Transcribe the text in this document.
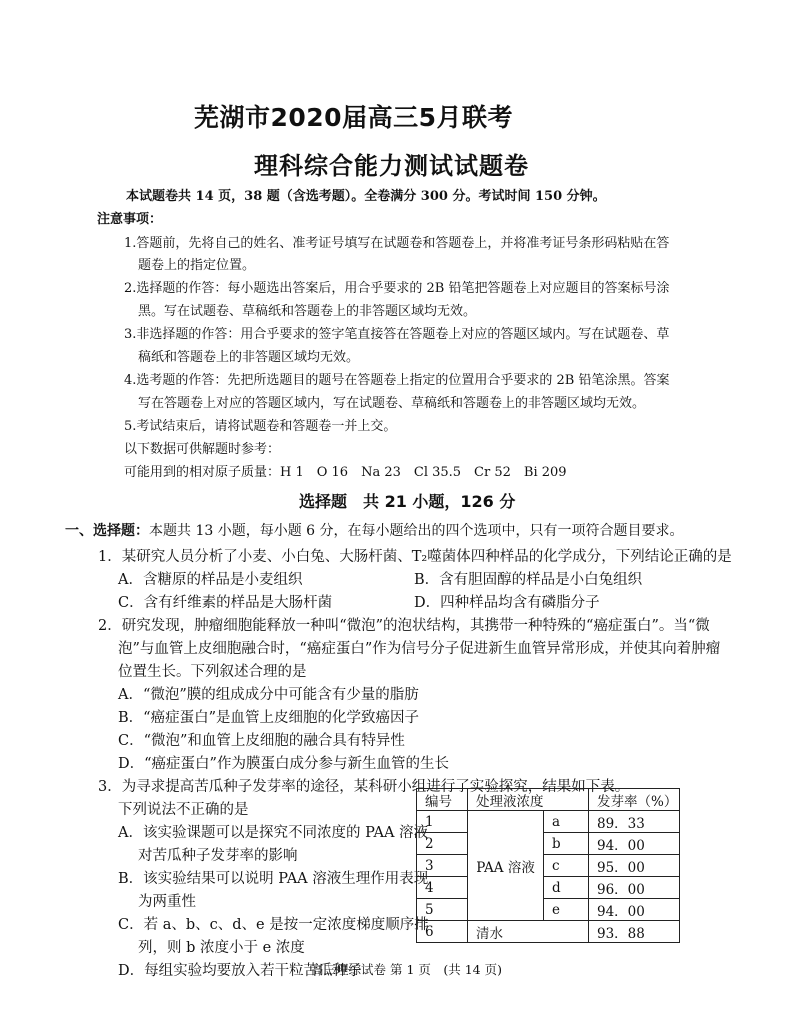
芜湖市2020届高三5月联考
理科综合能力测试试题卷
本试题卷共 14 页，38 题（含选考题）。全卷满分 300 分。考试时间 150 分钟。
注意事项：
1.答题前，先将自己的姓名、准考证号填写在试题卷和答题卷上，并将准考证号条形码粘贴在答
题卷上的指定位置。
2.选择题的作答：每小题选出答案后，用合乎要求的 2B 铅笔把答题卷上对应题目的答案标号涂
黑。写在试题卷、草稿纸和答题卷上的非答题区域均无效。
3.非选择题的作答：用合乎要求的签字笔直接答在答题卷上对应的答题区域内。写在试题卷、草
稿纸和答题卷上的非答题区域均无效。
4.选考题的作答：先把所选题目的题号在答题卷上指定的位置用合乎要求的 2B 铅笔涂黑。答案
写在答题卷上对应的答题区域内，写在试题卷、草稿纸和答题卷上的非答题区域均无效。
5.考试结束后，请将试题卷和答题卷一并上交。
以下数据可供解题时参考：
可能用到的相对原子质量：H 1　O 16　Na 23　Cl 35.5　Cr 52　Bi 209
选择题　共 21 小题，126 分
一、选择题：本题共 13 小题，每小题 6 分，在每小题给出的四个选项中，只有一项符合题目要求。
1．某研究人员分析了小麦、小白兔、大肠杆菌、T₂噬菌体四种样品的化学成分，下列结论正确的是
A．含糖原的样品是小麦组织	B．含有胆固醇的样品是小白兔组织
C．含有纤维素的样品是大肠杆菌	D．四种样品均含有磷脂分子
2．研究发现，肿瘤细胞能释放一种叫“微泡”的泡状结构，其携带一种特殊的“癌症蛋白”。当“微
泡”与血管上皮细胞融合时，“癌症蛋白”作为信号分子促进新生血管异常形成，并使其向着肿瘤
位置生长。下列叙述合理的是
A．“微泡”膜的组成成分中可能含有少量的脂肪
B．“癌症蛋白”是血管上皮细胞的化学致癌因子
C．“微泡”和血管上皮细胞的融合具有特异性
D．“癌症蛋白”作为膜蛋白成分参与新生血管的生长
3．为寻求提高苦瓜种子发芽率的途径，某科研小组进行了实验探究，结果如下表。
下列说法不正确的是
A．该实验课题可以是探究不同浓度的 PAA 溶液
对苦瓜种子发芽率的影响
B．该实验结果可以说明 PAA 溶液生理作用表现
为两重性
C．若 a、b、c、d、e 是按一定浓度梯度顺序排
列，则 b 浓度小于 e 浓度
D．每组实验均要放入若干粒苦瓜种子
编号	处理液浓度		发芽率（%）
1	PAA 溶液	a	89．33
2		b	94．00
3		c	95．00
4		d	96．00
5		e	94．00
6	清水		93．88
高三理综试卷 第 1 页　(共 14 页)
